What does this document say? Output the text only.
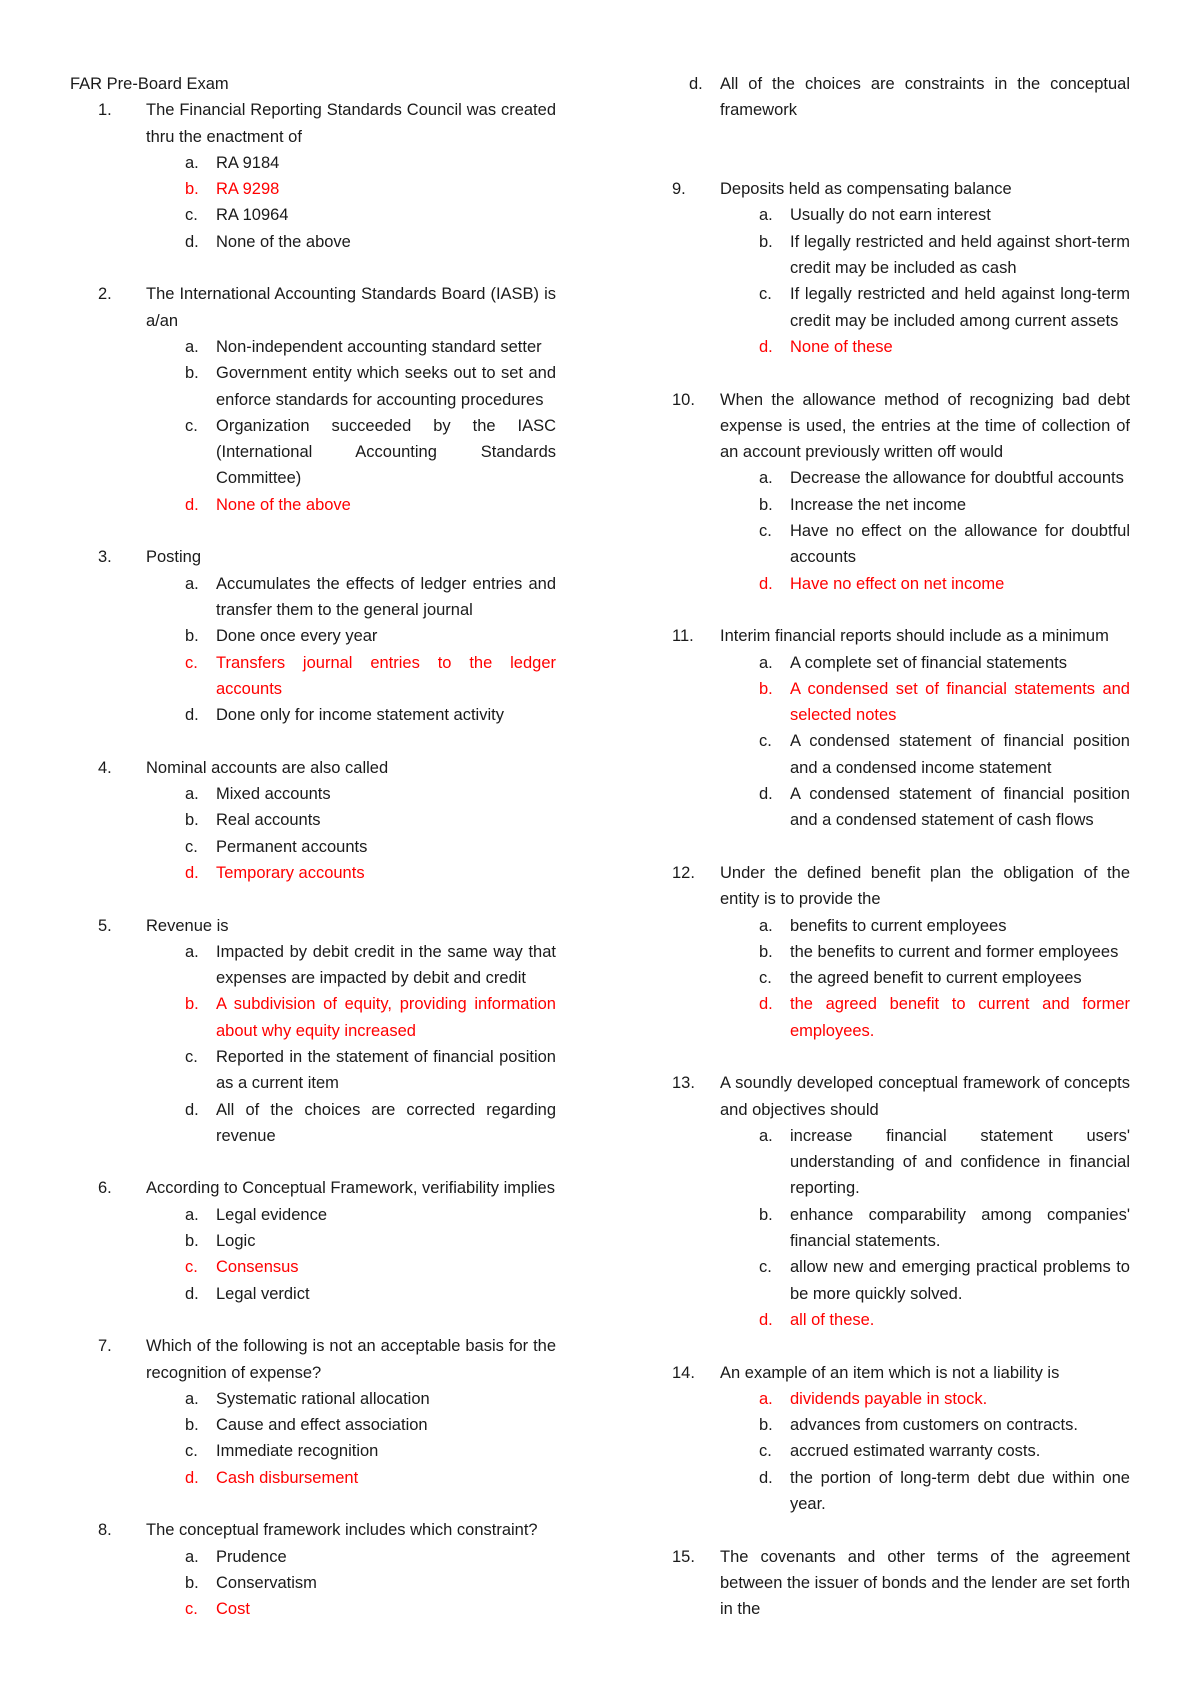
FAR Pre-Board Exam
1. The Financial Reporting Standards Council was created thru the enactment of
a. RA 9184
b. RA 9298
c. RA 10964
d. None of the above
2. The International Accounting Standards Board (IASB) is a/an
a. Non-independent accounting standard setter
b. Government entity which seeks out to set and enforce standards for accounting procedures
c. Organization succeeded by the IASC (International Accounting Standards Committee)
d. None of the above
3. Posting
a. Accumulates the effects of ledger entries and transfer them to the general journal
b. Done once every year
c. Transfers journal entries to the ledger accounts
d. Done only for income statement activity
4. Nominal accounts are also called
a. Mixed accounts
b. Real accounts
c. Permanent accounts
d. Temporary accounts
5. Revenue is
a. Impacted by debit credit in the same way that expenses are impacted by debit and credit
b. A subdivision of equity, providing information about why equity increased
c. Reported in the statement of financial position as a current item
d. All of the choices are corrected regarding revenue
6. According to Conceptual Framework, verifiability implies
a. Legal evidence
b. Logic
c. Consensus
d. Legal verdict
7. Which of the following is not an acceptable basis for the recognition of expense?
a. Systematic rational allocation
b. Cause and effect association
c. Immediate recognition
d. Cash disbursement
8. The conceptual framework includes which constraint?
a. Prudence
b. Conservatism
c. Cost
d. All of the choices are constraints in the conceptual framework
9. Deposits held as compensating balance
a. Usually do not earn interest
b. If legally restricted and held against short-term credit may be included as cash
c. If legally restricted and held against long-term credit may be included among current assets
d. None of these
10. When the allowance method of recognizing bad debt expense is used, the entries at the time of collection of an account previously written off would
a. Decrease the allowance for doubtful accounts
b. Increase the net income
c. Have no effect on the allowance for doubtful accounts
d. Have no effect on net income
11. Interim financial reports should include as a minimum
a. A complete set of financial statements
b. A condensed set of financial statements and selected notes
c. A condensed statement of financial position and a condensed income statement
d. A condensed statement of financial position and a condensed statement of cash flows
12. Under the defined benefit plan the obligation of the entity is to provide the
a. benefits to current employees
b. the benefits to current and former employees
c. the agreed benefit to current employees
d. the agreed benefit to current and former employees.
13. A soundly developed conceptual framework of concepts and objectives should
a. increase financial statement users' understanding of and confidence in financial reporting.
b. enhance comparability among companies' financial statements.
c. allow new and emerging practical problems to be more quickly solved.
d. all of these.
14. An example of an item which is not a liability is
a. dividends payable in stock.
b. advances from customers on contracts.
c. accrued estimated warranty costs.
d. the portion of long-term debt due within one year.
15. The covenants and other terms of the agreement between the issuer of bonds and the lender are set forth in the
